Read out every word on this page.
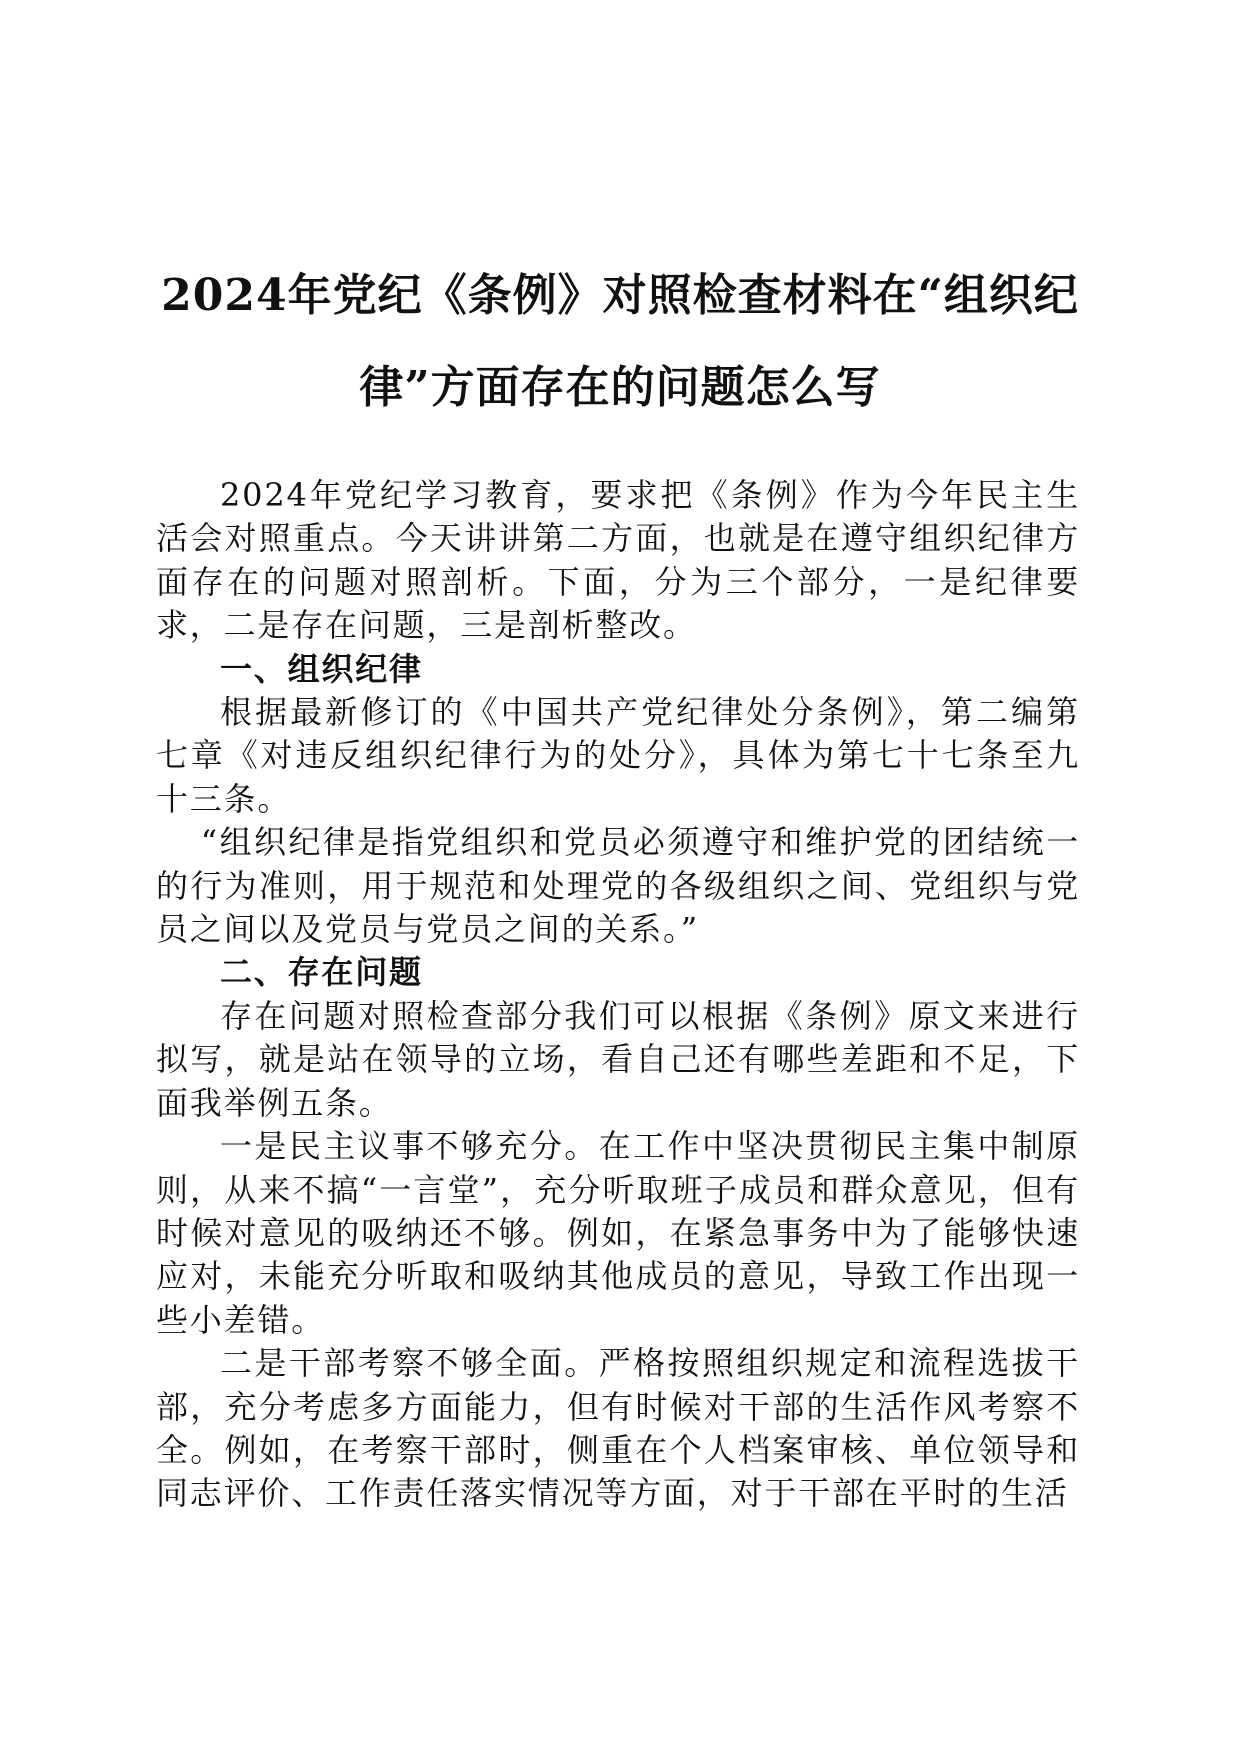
2024年党纪《条例》对照检查材料在“组织纪律”方面存在的问题怎么写

2024年党纪学习教育，要求把《条例》作为今年民主生活会对照重点。今天讲讲第二方面，也就是在遵守组织纪律方面存在的问题对照剖析。下面，分为三个部分，一是纪律要求，二是存在问题，三是剖析整改。

一、组织纪律

根据最新修订的《中国共产党纪律处分条例》，第二编第七章《对违反组织纪律行为的处分》，具体为第七十七条至九十三条。

“组织纪律是指党组织和党员必须遵守和维护党的团结统一的行为准则，用于规范和处理党的各级组织之间、党组织与党员之间以及党员与党员之间的关系。”

二、存在问题

存在问题对照检查部分我们可以根据《条例》原文来进行拟写，就是站在领导的立场，看自己还有哪些差距和不足，下面我举例五条。

一是民主议事不够充分。在工作中坚决贯彻民主集中制原则，从来不搞“一言堂”，充分听取班子成员和群众意见，但有时候对意见的吸纳还不够。例如，在紧急事务中为了能够快速应对，未能充分听取和吸纳其他成员的意见，导致工作出现一些小差错。

二是干部考察不够全面。严格按照组织规定和流程选拔干部，充分考虑多方面能力，但有时候对干部的生活作风考察不全。例如，在考察干部时，侧重在个人档案审核、单位领导和同志评价、工作责任落实情况等方面，对于干部在平时的生活
